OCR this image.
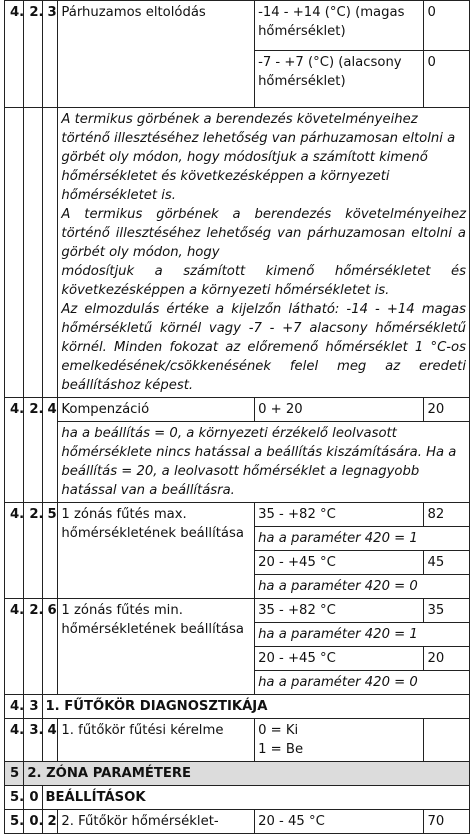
4.	2.	3	Párhuzamos eltolódás	-14 - +14 (°C) (magas hőmérséklet)	0
				-7 - +7 (°C) (alacsony hőmérséklet)	0

			A termikus görbének a berendezés követelményeihez történő illesztéséhez lehetőség van párhuzamosan eltolni a görbét oly módon, hogy módosítjuk a számított kimenő hőmérsékletet és következésképpen a környezeti hőmérsékletet is.
A termikus görbének a berendezés követelményeihez történő illesztéséhez lehetőség van párhuzamosan eltolni a görbét oly módon, hogy
módosítjuk a számított kimenő hőmérsékletet és következésképpen a környezeti hőmérsékletet is.
Az elmozdulás értéke a kijelzőn látható: -14 - +14 magas hőmérsékletű körnél vagy -7 - +7 alacsony hőmérsékletű körnél. Minden fokozat az előremenő hőmérséklet 1 °C-os emelkedésének/csökkenésének felel meg az eredeti beállításhoz képest.		

4.	2.	4	Kompenzáció	0 + 20	20
			ha a beállítás = 0, a környezeti érzékelő leolvasott hőmérséklete nincs hatással a beállítás kiszámítására. Ha a beállítás = 20, a leolvasott hőmérséklet a legnagyobb hatással van a beállításra.		
4.	2.	5	1 zónás fűtés max. hőmérsékletének beállítása	35 - +82 °C	82
				ha a paraméter 420 = 1	
				20 - +45 °C	45
				ha a paraméter 420 = 0	
4.	2.	6	1 zónás fűtés min. hőmérsékletének beállítása	35 - +82 °C	35
				ha a paraméter 420 = 1	
				20 - +45 °C	20
				ha a paraméter 420 = 0	
4.	3	1. FŰTŐKÖR DIAGNOSZTIKÁJA			
4.	3.	4	1. fűtőkör fűtési kérelme	0 = Ki
1 = Be	

5	2. ZÓNA PARAMÉTERE				
5.	0	BEÁLLÍTÁSOK			
5.	0.	2	2. Fűtőkör hőmérséklet-	20 - 45 °C	70
